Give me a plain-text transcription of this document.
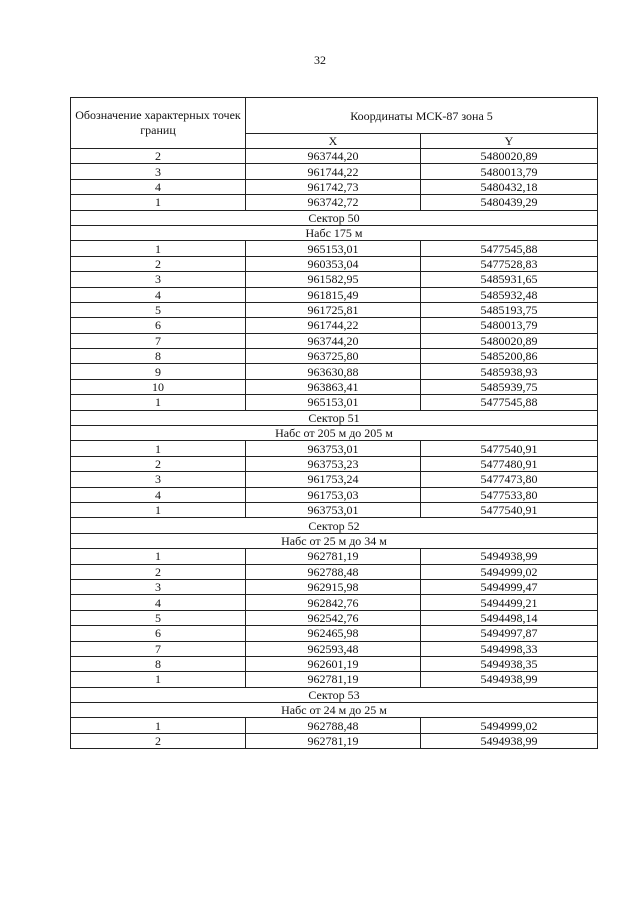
32
Обозначение характерных точек границ	Координаты МСК-87 зона 5	
	X	Y
2	963744,20	5480020,89
3	961744,22	5480013,79
4	961742,73	5480432,18
1	963742,72	5480439,29
Сектор 50		
Набс 175 м		
1	965153,01	5477545,88
2	960353,04	5477528,83
3	961582,95	5485931,65
4	961815,49	5485932,48
5	961725,81	5485193,75
6	961744,22	5480013,79
7	963744,20	5480020,89
8	963725,80	5485200,86
9	963630,88	5485938,93
10	963863,41	5485939,75
1	965153,01	5477545,88
Сектор 51		
Набс от 205 м до 205 м		
1	963753,01	5477540,91
2	963753,23	5477480,91
3	961753,24	5477473,80
4	961753,03	5477533,80
1	963753,01	5477540,91
Сектор 52		
Набс от 25 м до 34 м		
1	962781,19	5494938,99
2	962788,48	5494999,02
3	962915,98	5494999,47
4	962842,76	5494499,21
5	962542,76	5494498,14
6	962465,98	5494997,87
7	962593,48	5494998,33
8	962601,19	5494938,35
1	962781,19	5494938,99
Сектор 53		
Набс от 24 м до 25 м		
1	962788,48	5494999,02
2	962781,19	5494938,99
